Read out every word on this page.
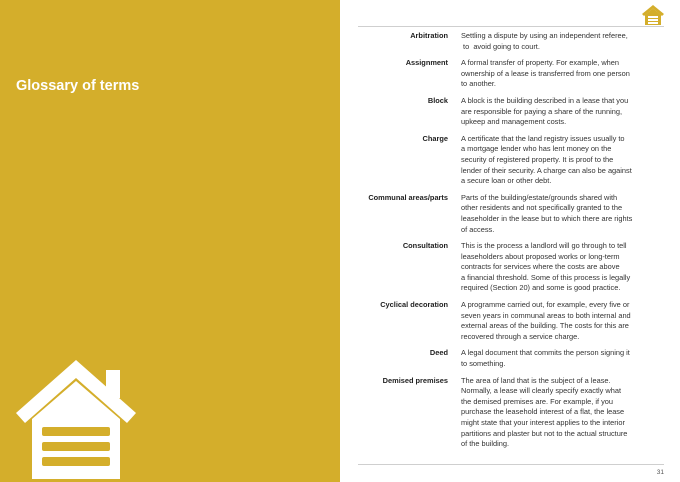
Glossary of terms
Arbitration	Settling a dispute by using an independent referee,
to  avoid going to court.
Assignment	A formal transfer of property. For example, when
ownership of a lease is transferred from one person
to another.
Block	A block is the building described in a lease that you
are responsible for paying a share of the running,
upkeep and management costs.
Charge	A certificate that the land registry issues usually to
a mortgage lender who has lent money on the
security of registered property. It is proof to the
lender of their security. A charge can also be against
a secure loan or other debt.
Communal areas/parts	Parts of the building/estate/grounds shared with
other residents and not specifically granted to the
leaseholder in the lease but to which there are rights
of access.
Consultation	This is the process a landlord will go through to tell
leaseholders about proposed works or long-term
contracts for services where the costs are above
a financial threshold. Some of this process is legally
required (Section 20) and some is good practice.
Cyclical decoration	A programme carried out, for example, every five or
seven years in communal areas to both internal and
external areas of the building. The costs for this are
recovered through a service charge.
Deed	A legal document that commits the person signing it
to something.
Demised premises	The area of land that is the subject of a lease.
Normally, a lease will clearly specify exactly what
the demised premises are. For example, if you
purchase the leasehold interest of a flat, the lease
might state that your interest applies to the interior
partitions and plaster but not to the actual structure
of the building.
31
